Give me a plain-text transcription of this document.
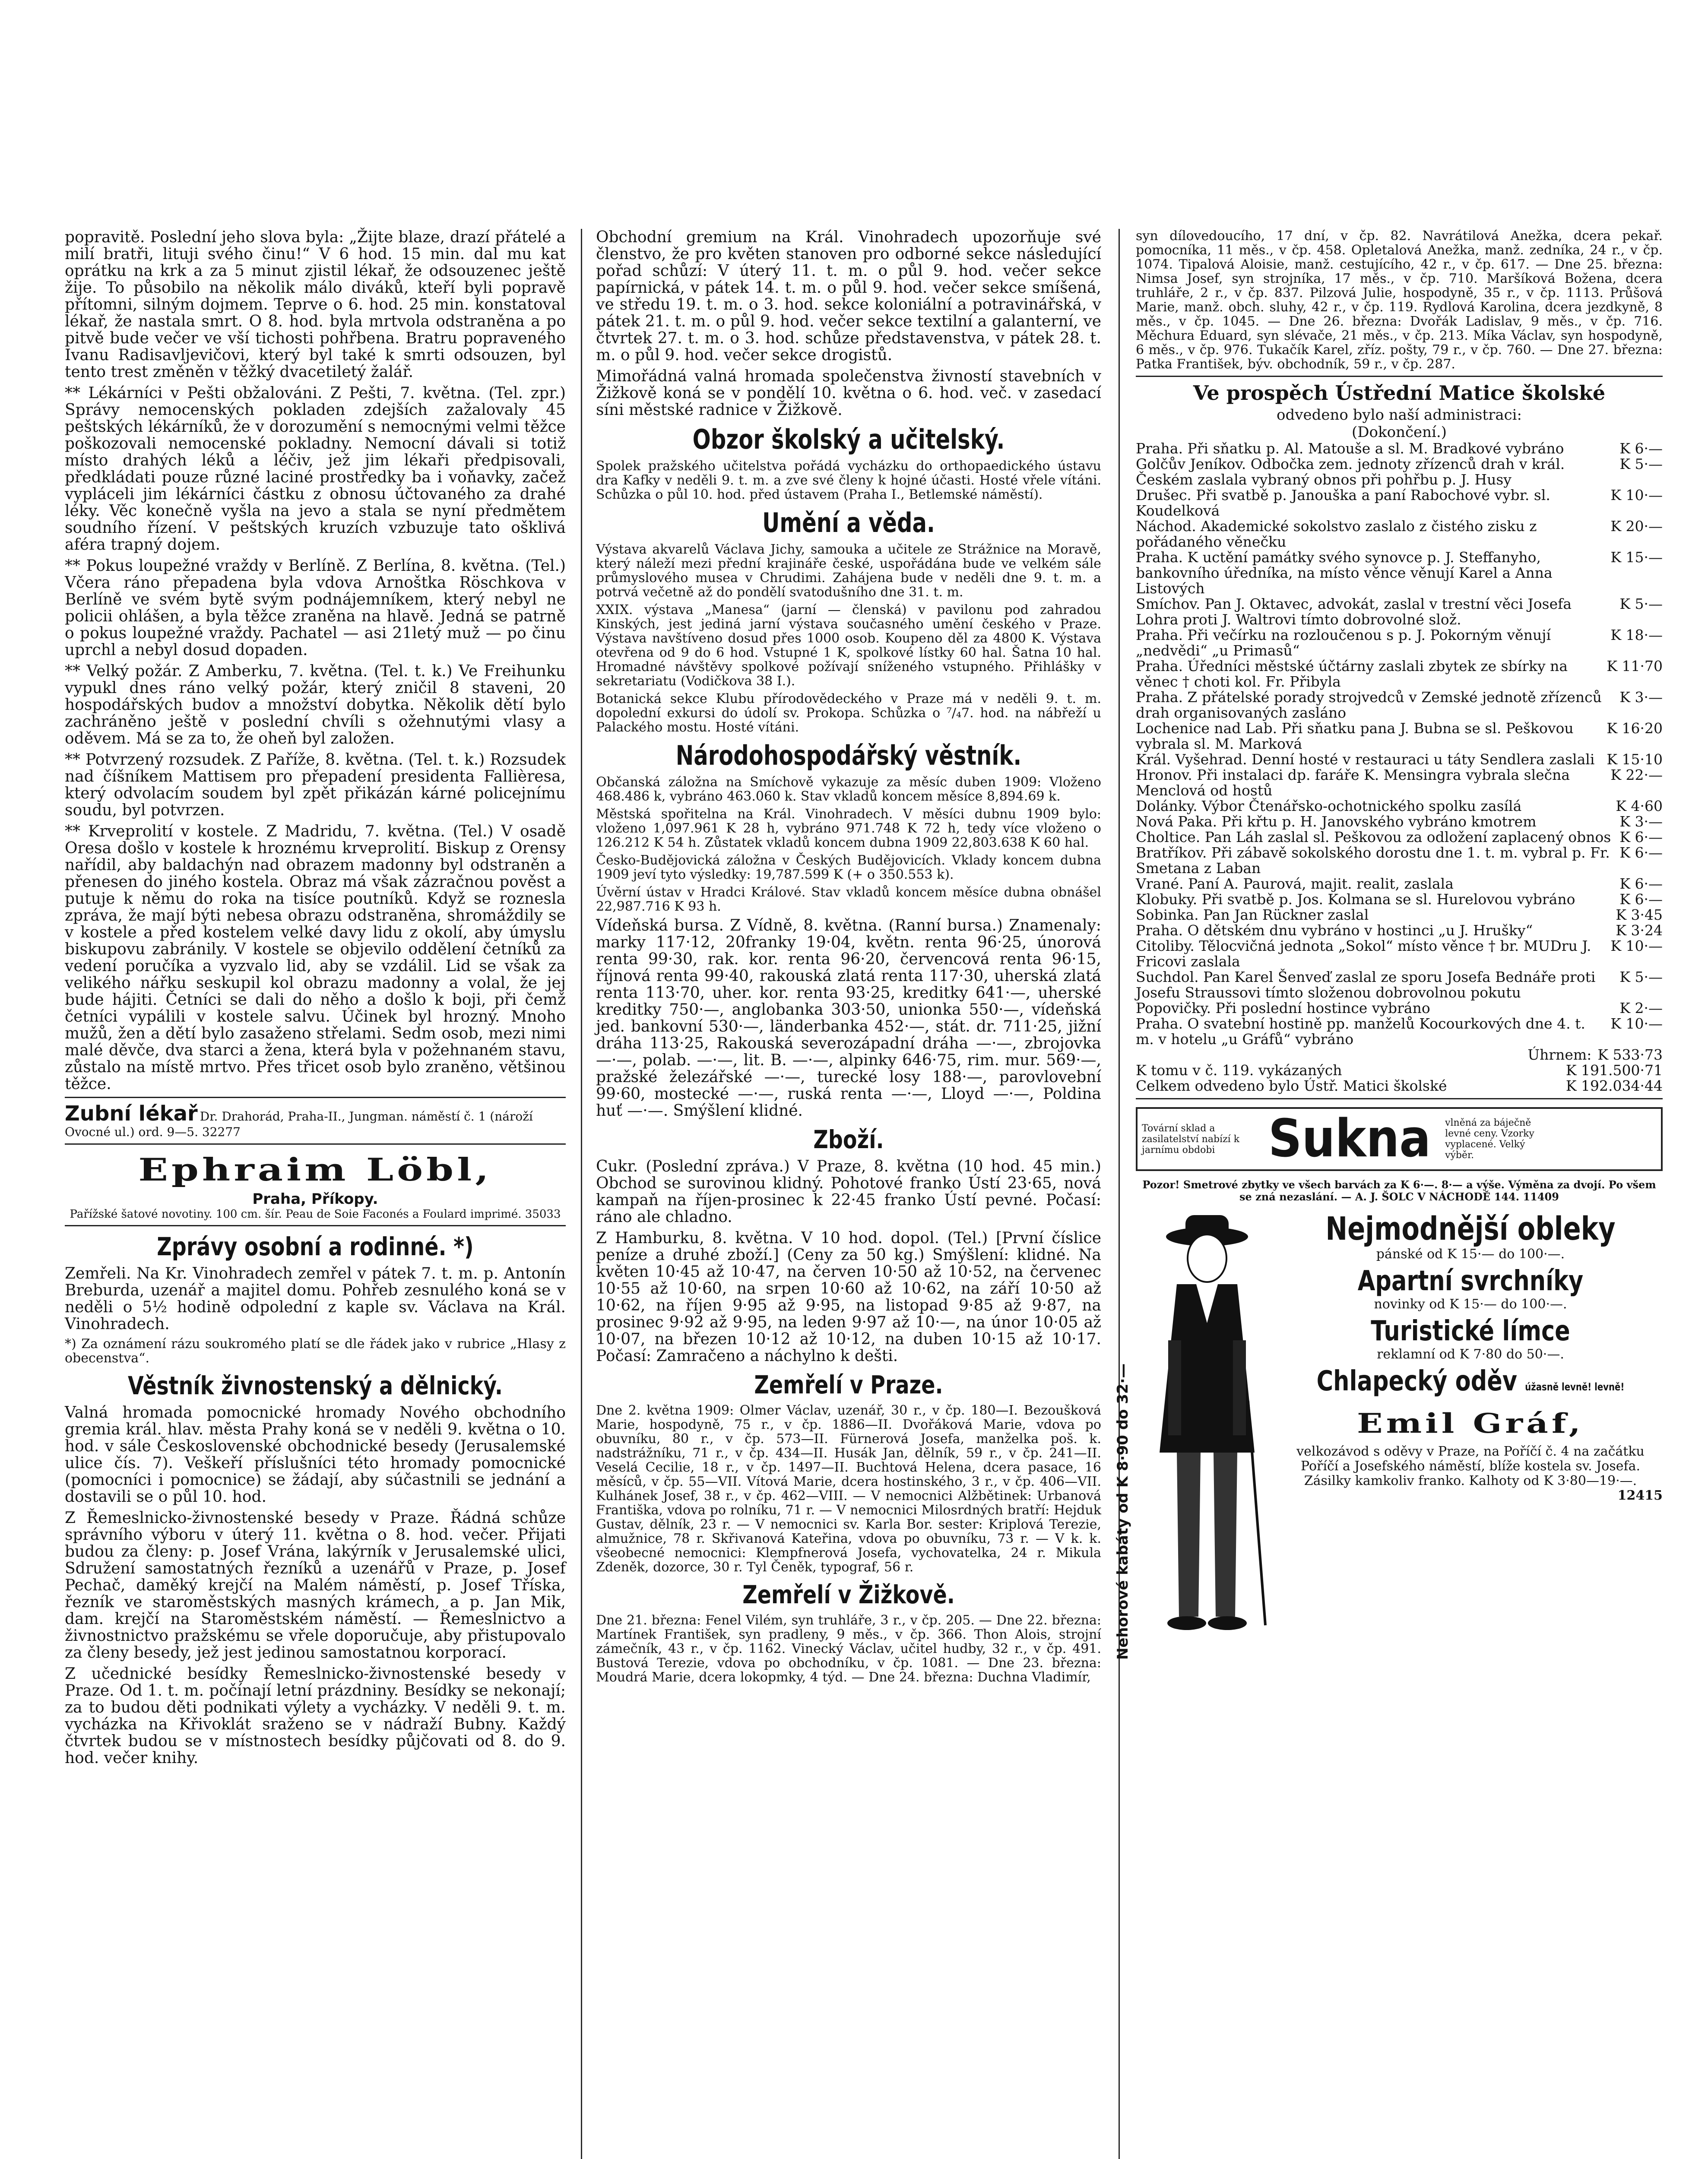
popravitě. Poslední jeho slova byla: „Žijte blaze, drazí přátelé a milí bratři, lituji svého činu!“ V 6 hod. 15 min. dal mu kat oprátku na krk a za 5 minut zjistil lékař, že odsouzenec ještě žije. To působilo na několik málo diváků, kteří byli popravě přítomni, silným dojmem. Teprve o 6. hod. 25 min. konstatoval lékař, že nastala smrt. O 8. hod. byla mrtvola odstraněna a po pitvě bude večer ve vší tichosti pohřbena. Bratru popraveného Ivanu Radisavljevičovi, který byl také k smrti odsouzen, byl tento trest změněn v těžký dvacetiletý žalář.

** Lékárníci v Pešti obžalováni. Z Pešti, 7. května. (Tel. zpr.) Správy nemocenských pokladen zdejších zažalovaly 45 peštských lékárníků, že v dorozumění s nemocnými velmi těžce poškozovali nemocenské pokladny. Nemocní dávali si totiž místo drahých léků a léčiv, jež jim lékaři předpisovali, předkládati pouze různé laciné prostředky ba i voňavky, začež vypláceli jim lékárníci částku z obnosu účtovaného za drahé léky. Věc konečně vyšla na jevo a stala se nyní předmětem soudního řízení. V peštských kruzích vzbuzuje tato ošklivá aféra trapný dojem.

** Pokus loupežné vraždy v Berlíně. Z Berlína, 8. května. (Tel.) Včera ráno přepadena byla vdova Arnoštka Röschkova v Berlíně ve svém bytě svým podnájemníkem, který nebyl ne policii ohlášen, a byla těžce zraněna na hlavě. Jedná se patrně o pokus loupežné vraždy. Pachatel — asi 21letý muž — po činu uprchl a nebyl dosud dopaden.

** Velký požár. Z Amberku, 7. května. (Tel. t. k.) Ve Freihunku vypukl dnes ráno velký požár, který zničil 8 staveni, 20 hospodářských budov a množství dobytka. Několik dětí bylo zachráněno ještě v poslední chvíli s ožehnutými vlasy a oděvem. Má se za to, že oheň byl založen.

** Potvrzený rozsudek. Z Paříže, 8. května. (Tel. t. k.) Rozsudek nad číšníkem Mattisem pro přepadení presidenta Fallièresa, který odvolacím soudem byl zpět přikázán kárné policejnímu soudu, byl potvrzen.

** Krveprolití v kostele. Z Madridu, 7. května. (Tel.) V osadě Oresa došlo v kostele k hroznému krveprolití. Biskup z Orensy nařídil, aby baldachýn nad obrazem madonny byl odstraněn a přenesen do jiného kostela. Obraz má však zázračnou pověst a putuje k němu do roka na tisíce poutníků. Když se roznesla zpráva, že mají býti nebesa obrazu odstraněna, shromáždily se v kostele a před kostelem velké davy lidu z okolí, aby úmyslu biskupovu zabránily. V kostele se objevilo oddělení četníků za vedení poručíka a vyzvalo lid, aby se vzdálil. Lid se však za velikého nářku seskupil kol obrazu madonny a volal, že jej bude hájiti. Četníci se dali do něho a došlo k boji, při čemž četníci vypálili v kostele salvu. Účinek byl hrozný. Mnoho mužů, žen a dětí bylo zasaženo střelami. Sedm osob, mezi nimi malé děvče, dva starci a žena, která byla v požehnaném stavu, zůstalo na místě mrtvo. Přes třicet osob bylo zraněno, většinou těžce.

Zubní lékař Dr. Drahorád, Praha-II., Jungman. náměstí č. 1 (nároží Ovocné ul.) ord. 9—5. 32277
Ephraim Löbl,
Praha, Příkopy.

Pařížské šatové novotiny. 100 cm. šír. Peau de Soie Faconés a Foulard imprimé. 35033

Zprávy osobní a rodinné. *)

Zemřeli. Na Kr. Vinohradech zemřel v pátek 7. t. m. p. Antonín Breburda, uzenář a majitel domu. Pohřeb zesnulého koná se v neděli o 5½ hodině odpolední z kaple sv. Václava na Král. Vinohradech.

*) Za oznámení rázu soukromého platí se dle řádek jako v rubrice „Hlasy z obecenstva“.

Věstník živnostenský a dělnický.

Valná hromada pomocnické hromady Nového obchodního gremia král. hlav. města Prahy koná se v neděli 9. května o 10. hod. v sále Československé obchodnické besedy (Jerusalemské ulice čís. 7). Veškeří příslušníci této hromady pomocnické (pomocníci i pomocnice) se žádají, aby súčastnili se jednání a dostavili se o půl 10. hod.

Z Řemeslnicko-živnostenské besedy v Praze. Řádná schůze správního výboru v úterý 11. května o 8. hod. večer. Přijati budou za členy: p. Josef Vrána, lakýrník v Jerusalemské ulici, Sdružení samostatných řezníků a uzenářů v Praze, p. Josef Pechač, daměký krejčí na Malém náměstí, p. Josef Tříska, řezník ve staroměstských masných krámech, a p. Jan Mik, dam. krejčí na Staroměstském náměstí. — Řemeslnictvo a živnostnictvo pražskému se vřele doporučuje, aby přistupovalo za členy besedy, jež jest jedinou samostatnou korporací.

Z učednické besídky Řemeslnicko-živnostenské besedy v Praze. Od 1. t. m. počínají letní prázdniny. Besídky se nekonají; za to budou děti podnikati výlety a vycházky. V neděli 9. t. m. vycházka na Křivoklát sraženo se v nádraží Bubny. Každý čtvrtek budou se v místnostech besídky půjčovati od 8. do 9. hod. večer knihy.

Obchodní gremium na Král. Vinohradech upozorňuje své členstvo, že pro květen stanoven pro odborné sekce následující pořad schůzí: V úterý 11. t. m. o půl 9. hod. večer sekce papírnická, v pátek 14. t. m. o půl 9. hod. večer sekce smíšená, ve středu 19. t. m. o 3. hod. sekce koloniální a potravinářská, v pátek 21. t. m. o půl 9. hod. večer sekce textilní a galanterní, ve čtvrtek 27. t. m. o 3. hod. schůze představenstva, v pátek 28. t. m. o půl 9. hod. večer sekce drogistů.

Mimořádná valná hromada společenstva živností stavebních v Žižkově koná se v pondělí 10. května o 6. hod. več. v zasedací síni městské radnice v Žižkově.

Obzor školský a učitelský.

Spolek pražského učitelstva pořádá vycházku do orthopaedického ústavu dra Kafky v neděli 9. t. m. a zve své členy k hojné účasti. Hosté vřele vítáni. Schůzka o půl 10. hod. před ústavem (Praha I., Betlemské náměstí).

Umění a věda.

Výstava akvarelů Václava Jichy, samouka a učitele ze Strážnice na Moravě, který náleží mezi přední krajináře české, uspořádána bude ve velkém sále průmyslového musea v Chrudimi. Zahájena bude v neděli dne 9. t. m. a potrvá večetně až do pondělí svatodušního dne 31. t. m.

XXIX. výstava „Manesa“ (jarní — členská) v pavilonu pod zahradou Kinských, jest jediná jarní výstava současného umění českého v Praze. Výstava navštíveno dosud přes 1000 osob. Koupeno děl za 4800 K. Výstava otevřena od 9 do 6 hod. Vstupné 1 K, spolkové lístky 60 hal. Šatna 10 hal. Hromadné návštěvy spolkové požívají sníženého vstupného. Přihlášky v sekretariatu (Vodičkova 38 I.).

Botanická sekce Klubu přírodovědeckého v Praze má v neděli 9. t. m. dopolední exkursi do údolí sv. Prokopa. Schůzka o ⁷/₄7. hod. na nábřeží u Palackého mostu. Hosté vítáni.

Národohospodářský věstník.

Občanská záložna na Smíchově vykazuje za měsíc duben 1909: Vloženo 468.486 k, vybráno 463.060 k. Stav vkladů koncem měsíce 8,894.69 k.

Městská spořitelna na Král. Vinohradech. V měsíci dubnu 1909 bylo: vloženo 1,097.961 K 28 h, vybráno 971.748 K 72 h, tedy více vloženo o 126.212 K 54 h. Zůstatek vkladů koncem dubna 1909 22,803.638 K 60 hal.

Česko-Budějovická záložna v Českých Budějovicích. Vklady koncem dubna 1909 jeví tyto výsledky: 19,787.599 K (+ o 350.553 k).

Úvěrní ústav v Hradci Králové. Stav vkladů koncem měsíce dubna obnášel 22,987.716 K 93 h.

Vídeňská bursa. Z Vídně, 8. května. (Ranní bursa.) Znamenaly: marky 117·12, 20franky 19·04, květn. renta 96·25, únorová renta 99·30, rak. kor. renta 96·20, červencová renta 96·15, říjnová renta 99·40, rakouská zlatá renta 117·30, uherská zlatá renta 113·70, uher. kor. renta 93·25, kreditky 641·—, uherské kreditky 750·—, anglobanka 303·50, unionka 550·—, vídeňská jed. bankovní 530·—, länderbanka 452·—, stát. dr. 711·25, jižní dráha 113·25, Rakouská severozápadní dráha —·—, zbrojovka —·—, polab. —·—, lit. B. —·—, alpinky 646·75, rim. mur. 569·—, pražské železářské —·—, turecké losy 188·—, parovlovební 99·60, mostecké —·—, ruská renta —·—, Lloyd —·—, Poldina huť —·—. Smýšlení klidné.

Zboží.

Cukr. (Poslední zpráva.) V Praze, 8. května (10 hod. 45 min.) Obchod se surovinou klidný. Pohotové franko Ústí 23·65, nová kampaň na říjen-prosinec k 22·45 franko Ústí pevné. Počasí: ráno ale chladno.

Z Hamburku, 8. května. V 10 hod. dopol. (Tel.) [První číslice peníze a druhé zboží.] (Ceny za 50 kg.) Smýšlení: klidné. Na květen 10·45 až 10·47, na červen 10·50 až 10·52, na červenec 10·55 až 10·60, na srpen 10·60 až 10·62, na září 10·50 až 10·62, na říjen 9·95 až 9·95, na listopad 9·85 až 9·87, na prosinec 9·92 až 9·95, na leden 9·97 až 10·—, na únor 10·05 až 10·07, na březen 10·12 až 10·12, na duben 10·15 až 10·17. Počasí: Zamračeno a náchylno k dešti.

Zemřelí v Praze.

Dne 2. května 1909: Olmer Václav, uzenář, 30 r., v čp. 180—I. Bezoušková Marie, hospodyně, 75 r., v čp. 1886—II. Dvořáková Marie, vdova po obuvníku, 80 r., v čp. 573—II. Fürnerová Josefa, manželka poš. k. nadstrážníku, 71 r., v čp. 434—II. Husák Jan, dělník, 59 r., v čp. 241—II. Veselá Cecilie, 18 r., v čp. 1497—II. Buchtová Helena, dcera pasace, 16 měsíců, v čp. 55—VII. Vítová Marie, dcera hostinského, 3 r., v čp. 406—VII. Kulhánek Josef, 38 r., v čp. 462—VIII. — V nemocnici Alžbětinek: Urbanová Františka, vdova po rolníku, 71 r. — V nemocnici Milosrdných bratří: Hejduk Gustav, dělník, 23 r. — V nemocnici sv. Karla Bor. sester: Kriplová Terezie, almužnice, 78 r. Skřivanová Kateřina, vdova po obuvníku, 73 r. — V k. k. všeobecné nemocnici: Klempfnerová Josefa, vychovatelka, 24 r. Mikula Zdeněk, dozorce, 30 r. Tyl Čeněk, typograf, 56 r.

Zemřelí v Žižkově.

Dne 21. března: Fenel Vilém, syn truhláře, 3 r., v čp. 205. — Dne 22. března: Martínek František, syn pradleny, 9 měs., v čp. 366. Thon Alois, strojní zámečník, 43 r., v čp. 1162. Vinecký Václav, učitel hudby, 32 r., v čp. 491. Bustová Terezie, vdova po obchodníku, v čp. 1081. — Dne 23. března: Moudrá Marie, dcera lokopmky, 4 týd. — Dne 24. března: Duchna Vladimír,

syn dílovedoucího, 17 dní, v čp. 82. Navrátilová Anežka, dcera pekař. pomocníka, 11 měs., v čp. 458. Opletalová Anežka, manž. zedníka, 24 r., v čp. 1074. Tipalová Aloisie, manž. cestujícího, 42 r., v čp. 617. — Dne 25. března: Nimsa Josef, syn strojníka, 17 měs., v čp. 710. Maršíková Božena, dcera truhláře, 2 r., v čp. 837. Pilzová Julie, hospodyně, 35 r., v čp. 1113. Průšová Marie, manž. obch. sluhy, 42 r., v čp. 119. Rydlová Karolina, dcera jezdkyně, 8 měs., v čp. 1045. — Dne 26. března: Dvořák Ladislav, 9 měs., v čp. 716. Měchura Eduard, syn slévače, 21 měs., v čp. 213. Míka Václav, syn hospodyně, 6 měs., v čp. 976. Tukačík Karel, zříz. pošty, 79 r., v čp. 760. — Dne 27. března: Patka František, býv. obchodník, 59 r., v čp. 287.

Ve prospěch Ústřední Matice školské

odvedeno bylo naší administraci:

(Dokončení.)

Praha. Při sňatku p. Al. Matouše a sl. M. Bradkové vybráno	K 6·—
Golčův Jeníkov. Odbočka zem. jednoty zřízenců drah v král. Českém zaslala vybraný obnos při pohřbu p. J. Husy
K 5·—
Drušec. Při svatbě p. Janouška a paní Rabochové vybr. sl. Koudelková
K 10·—
Náchod. Akademické sokolstvo zaslalo z čistého zisku z pořádaného věnečku
K 20·—
Praha. K uctění památky svého synovce p. J. Steffanyho, bankovního úředníka, na místo věnce věnují Karel a Anna Listových
K 15·—
Smíchov. Pan J. Oktavec, advokát, zaslal v trestní věci Josefa Lohra proti J. Waltrovi tímto dobrovolné slož.
K 5·—
Praha. Při večírku na rozloučenou s p. J. Pokorným věnují „nedvědi“ „u Primasů“
K 18·—
Praha. Úředníci městské účtárny zaslali zbytek ze sbírky na věnec † choti kol. Fr. Přibyla
K 11·70
Praha. Z přátelské porady strojvedců v Zemské jednotě zřízenců drah organisovaných zasláno
K 3·—
Lochenice nad Lab. Při sňatku pana J. Bubna se sl. Peškovou vybrala sl. M. Marková
K 16·20
Král. Vyšehrad. Denní hosté v restauraci u táty Sendlera zaslali K 15·10
Hronov. Při instalaci dp. faráře K. Mensingra vybrala slečna Menclová od hostů
K 22·—
Dolánky. Výbor Čtenářsko-ochotnického spolku zasílá	K 4·60
Nová Paka. Při křtu p. H. Janovského vybráno kmotrem	K 3·—
Choltice. Pan Láh zaslal sl. Peškovou za odložení zaplacený obnos K 6·—
Bratříkov. Při zábavě sokolského dorostu dne 1. t. m. vybral p. Fr. Smetana z Laban
K 6·—
Vrané. Paní A. Paurová, majit. realit, zaslala	K 6·—
Klobuky. Při svatbě p. Jos. Kolmana se sl. Hurelovou vybráno	K 6·—
Sobinka. Pan Jan Rückner zaslal	K 3·45
Praha. O dětském dnu vybráno v hostinci „u J. Hrušky“	K 3·24
Citoliby. Tělocvičná jednota „Sokol“ místo věnce † br. MUDru J. Fricovi zaslala
K 10·—
Suchdol. Pan Karel Šenveď zaslal ze sporu Josefa Bednáře proti Josefu Straussovi tímto složenou dobrovolnou pokutu
K 5·—
Popovičky. Při poslední hostince vybráno	K 2·—
Praha. O svatební hostině pp. manželů Kocourkových dne 4. t. m. v hotelu „u Gráfů“ vybráno
K 10·—
Úhrnem: K 533·73
K tomu v č. 119. vykázaných	K 191.500·71
Celkem odvedeno bylo Ústř. Matici školské	K 192.034·44
Tovární sklad a zasilatelství nabízí k jarnímu obdobi	Sukna	vlněná za báječně levné ceny. Vzorky vyplacené. Velký výběr.

Pozor! Smetrové zbytky ve všech barvách za K 6·—. 8·— a výše. Výměna za dvojí. Po všem se zná nezaslání. — A. J. ŠOLC V NÁCHODĚ 144. 11409

Nehorové kabáty od K 8·90 do 32·—
Nejmodnější obleky

pánské od K 15·— do 100·—.

Apartní svrchníky

novinky od K 15·— do 100·—.

Turistické límce

reklamní od K 7·80 do 50·—.

Chlapecký oděv úžasně levně! levně!
Emil Gráf,

velkozávod s oděvy v Praze, na Poříčí č. 4 na začátku Poříčí a Josefského náměstí, blíže kostela sv. Josefa. Zásilky kamkoliv franko. Kalhoty od K 3·80—19·—.

12415
